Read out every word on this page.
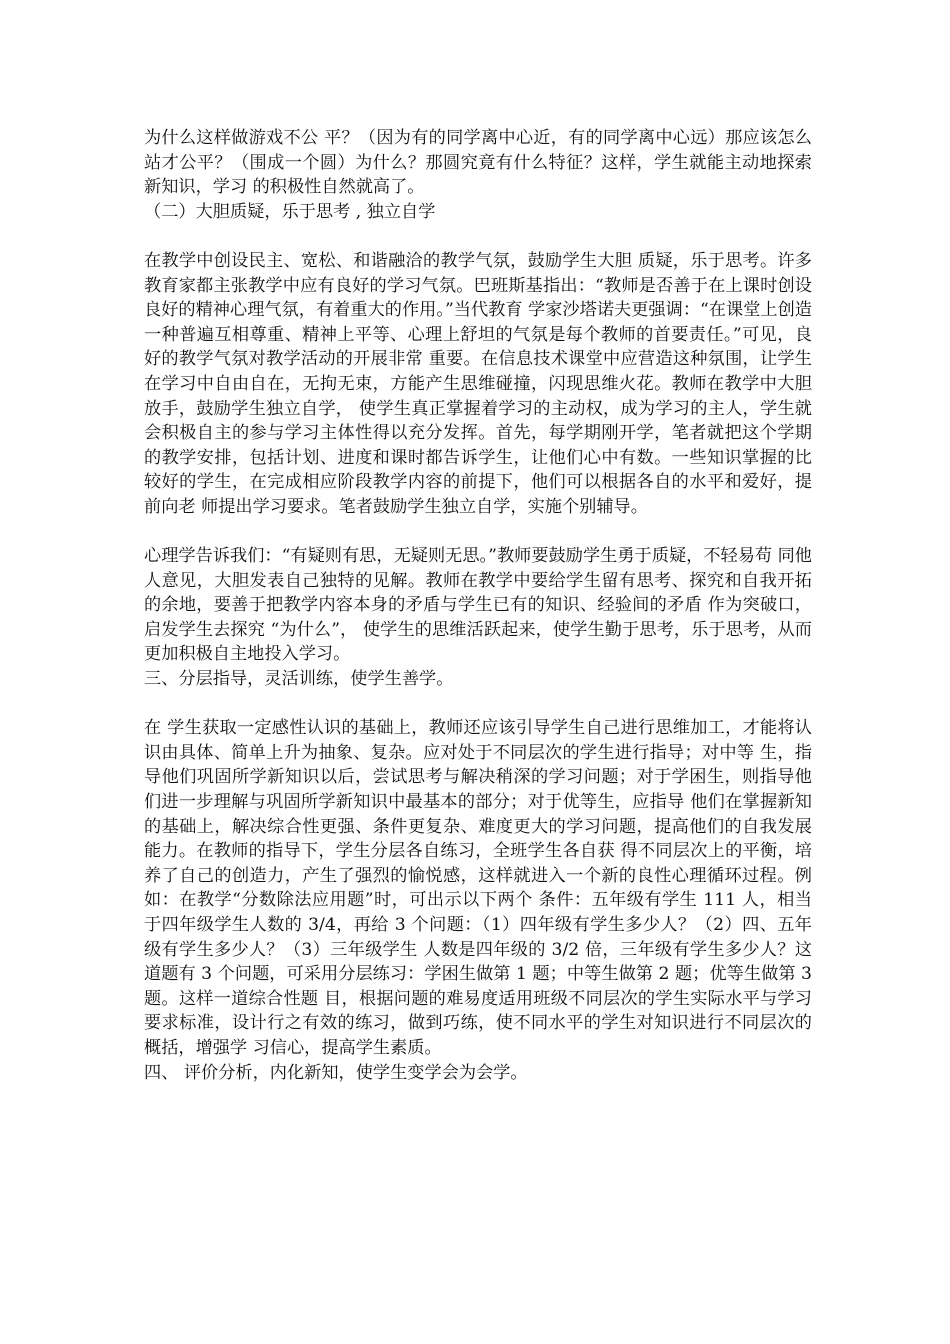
为什么这样做游戏不公 平？（因为有的同学离中心近，有的同学离中心远）那应该怎么站才公平？（围成一个圆）为什么？那圆究竟有什么特征？这样，学生就能主动地探索新知识，学习 的积极性自然就高了。

（二）大胆质疑，乐于思考 , 独立自学

在教学中创设民主、宽松、和谐融洽的教学气氛，鼓励学生大胆 质疑，乐于思考。许多教育家都主张教学中应有良好的学习气氛。巴班斯基指出：“教师是否善于在上课时创设良好的精神心理气氛，有着重大的作用。”当代教育 学家沙塔诺夫更强调：“在课堂上创造一种普遍互相尊重、精神上平等、心理上舒坦的气氛是每个教师的首要责任。”可见，良好的教学气氛对教学活动的开展非常 重要。在信息技术课堂中应营造这种氛围，让学生在学习中自由自在，无拘无束，方能产生思维碰撞，闪现思维火花。教师在教学中大胆放手，鼓励学生独立自学， 使学生真正掌握着学习的主动权，成为学习的主人，学生就会积极自主的参与学习主体性得以充分发挥。首先，每学期刚开学，笔者就把这个学期的教学安排，包括计划、进度和课时都告诉学生，让他们心中有数。一些知识掌握的比较好的学生，在完成相应阶段教学内容的前提下，他们可以根据各自的水平和爱好，提前向老 师提出学习要求。笔者鼓励学生独立自学，实施个别辅导。

心理学告诉我们：“有疑则有思，无疑则无思。”教师要鼓励学生勇于质疑，不轻易苟 同他人意见，大胆发表自己独特的见解。教师在教学中要给学生留有思考、探究和自我开拓的余地，要善于把教学内容本身的矛盾与学生已有的知识、经验间的矛盾 作为突破口，启发学生去探究 “为什么”， 使学生的思维活跃起来，使学生勤于思考，乐于思考，从而更加积极自主地投入学习。

三、分层指导，灵活训练，使学生善学。

在 学生获取一定感性认识的基础上，教师还应该引导学生自己进行思维加工，才能将认识由具体、简单上升为抽象、复杂。应对处于不同层次的学生进行指导；对中等 生，指导他们巩固所学新知识以后，尝试思考与解决稍深的学习问题；对于学困生，则指导他们进一步理解与巩固所学新知识中最基本的部分；对于优等生，应指导 他们在掌握新知的基础上，解决综合性更强、条件更复杂、难度更大的学习问题，提高他们的自我发展能力。在教师的指导下，学生分层各自练习，全班学生各自获 得不同层次上的平衡，培养了自己的创造力，产生了强烈的愉悦感，这样就进入一个新的良性心理循环过程。例如：在教学“分数除法应用题”时，可出示以下两个 条件：五年级有学生 111 人，相当于四年级学生人数的 3/4，再给 3 个问题：（1）四年级有学生多少人？（2）四、五年级有学生多少人？（3）三年级学生 人数是四年级的 3/2 倍，三年级有学生多少人？这道题有 3 个问题，可采用分层练习：学困生做第 1 题；中等生做第 2 题；优等生做第 3 题。这样一道综合性题 目，根据问题的难易度适用班级不同层次的学生实际水平与学习要求标准，设计行之有效的练习，做到巧练，使不同水平的学生对知识进行不同层次的概括，增强学 习信心，提高学生素质。

四、 评价分析，内化新知，使学生变学会为会学。
